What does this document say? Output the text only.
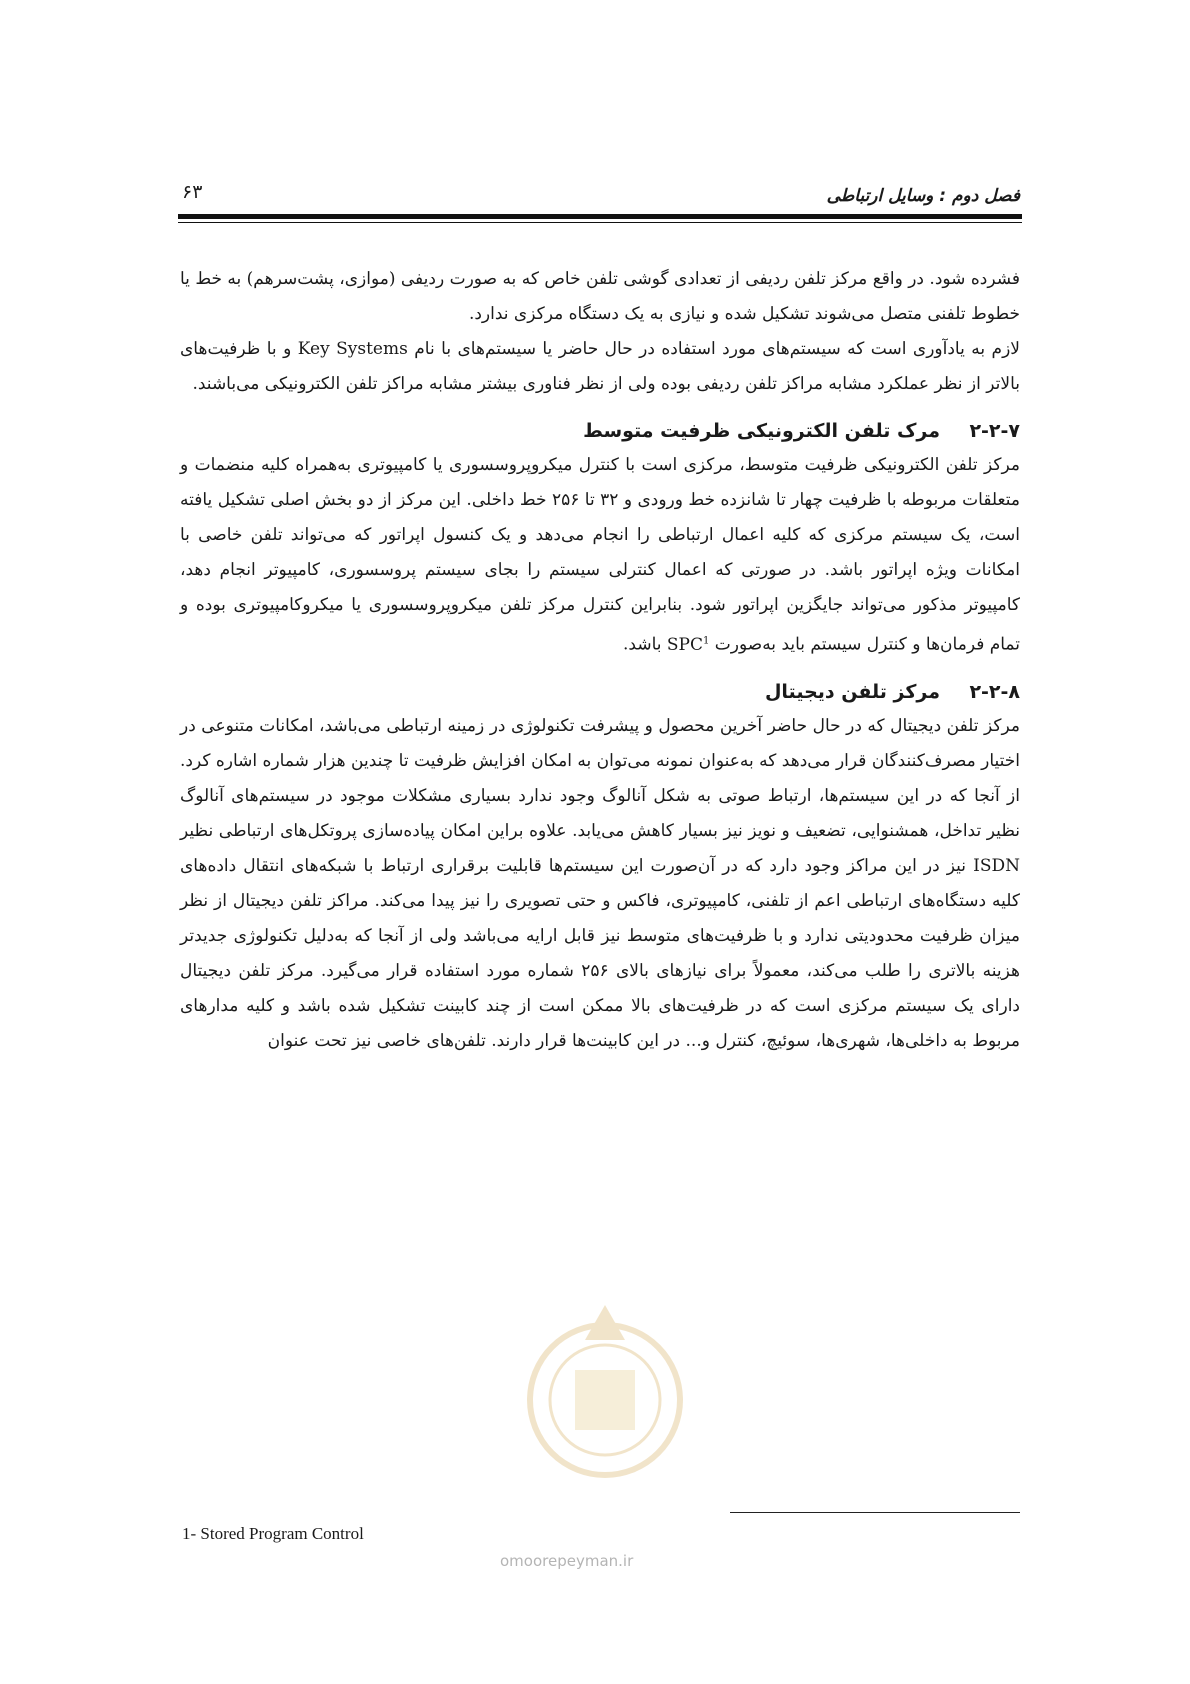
فصل دوم : وسایل ارتباطی
۶۳

فشرده شود. در واقع مرکز تلفن ردیفی از تعدادی گوشی تلفن خاص که به صورت ردیفی (موازی، پشت‌سرهم) به خط یا خطوط تلفنی متصل می‌شوند تشکیل شده و نیازی به یک دستگاه مرکزی ندارد.

لازم به یادآوری است که سیستم‌های مورد استفاده در حال حاضر یا سیستم‌های با نام Key Systems و با ظرفیت‌های بالاتر از نظر عملکرد مشابه مراکز تلفن ردیفی بوده ولی از نظر فناوری بیشتر مشابه مراکز تلفن الکترونیکی می‌باشند.

۲-۲-۷
مرک تلفن الکترونیکی ظرفیت متوسط

مرکز تلفن الکترونیکی ظرفیت متوسط، مرکزی است با کنترل میکروپروسسوری یا کامپیوتری به‌همراه کلیه منضمات و متعلقات مربوطه با ظرفیت چهار تا شانزده خط ورودی و ۳۲ تا ۲۵۶ خط داخلی. این مرکز از دو بخش اصلی تشکیل یافته است، یک سیستم مرکزی که کلیه اعمال ارتباطی را انجام می‌دهد و یک کنسول اپراتور که می‌تواند تلفن خاصی با امکانات ویژه اپراتور باشد. در صورتی که اعمال کنترلی سیستم را بجای سیستم پروسسوری، کامپیوتر انجام دهد، کامپیوتر مذکور می‌تواند جایگزین اپراتور شود. بنابراین کنترل مرکز تلفن میکروپروسسوری یا میکروکامپیوتری بوده و تمام فرمان‌ها و کنترل سیستم باید به‌صورت SPC$^1$ باشد.

۲-۲-۸
مرکز تلفن دیجیتال

مرکز تلفن دیجیتال که در حال حاضر آخرین محصول و پیشرفت تکنولوژی در زمینه ارتباطی می‌باشد، امکانات متنوعی در اختیار مصرف‌کنندگان قرار می‌دهد که به‌عنوان نمونه می‌توان به امکان افزایش ظرفیت تا چندین هزار شماره اشاره کرد. از آنجا که در این سیستم‌ها، ارتباط صوتی به شکل آنالوگ وجود ندارد بسیاری مشکلات موجود در سیستم‌های آنالوگ نظیر تداخل، همشنوایی، تضعیف و نویز نیز بسیار کاهش می‌یابد. علاوه براین امکان پیاده‌سازی پروتکل‌های ارتباطی نظیر ISDN نیز در این مراکز وجود دارد که در آن‌صورت این سیستم‌ها قابلیت برقراری ارتباط با شبکه‌های انتقال داده‌های کلیه دستگاه‌های ارتباطی اعم از تلفنی، کامپیوتری، فاکس و حتی تصویری را نیز پیدا می‌کند. مراکز تلفن دیجیتال از نظر میزان ظرفیت محدودیتی ندارد و با ظرفیت‌های متوسط نیز قابل ارایه می‌باشد ولی از آنجا که به‌دلیل تکنولوژی جدیدتر هزینه بالاتری را طلب می‌کند، معمولاً برای نیازهای بالای ۲۵۶ شماره مورد استفاده قرار می‌گیرد. مرکز تلفن دیجیتال دارای یک سیستم مرکزی است که در ظرفیت‌های بالا ممکن است از چند کابینت تشکیل شده باشد و کلیه مدارهای مربوط به داخلی‌ها، شهری‌ها، سوئیچ، کنترل و... در این کابینت‌ها قرار دارند. تلفن‌های خاصی نیز تحت عنوان

omoorepeyman.ir
1- Stored Program Control
